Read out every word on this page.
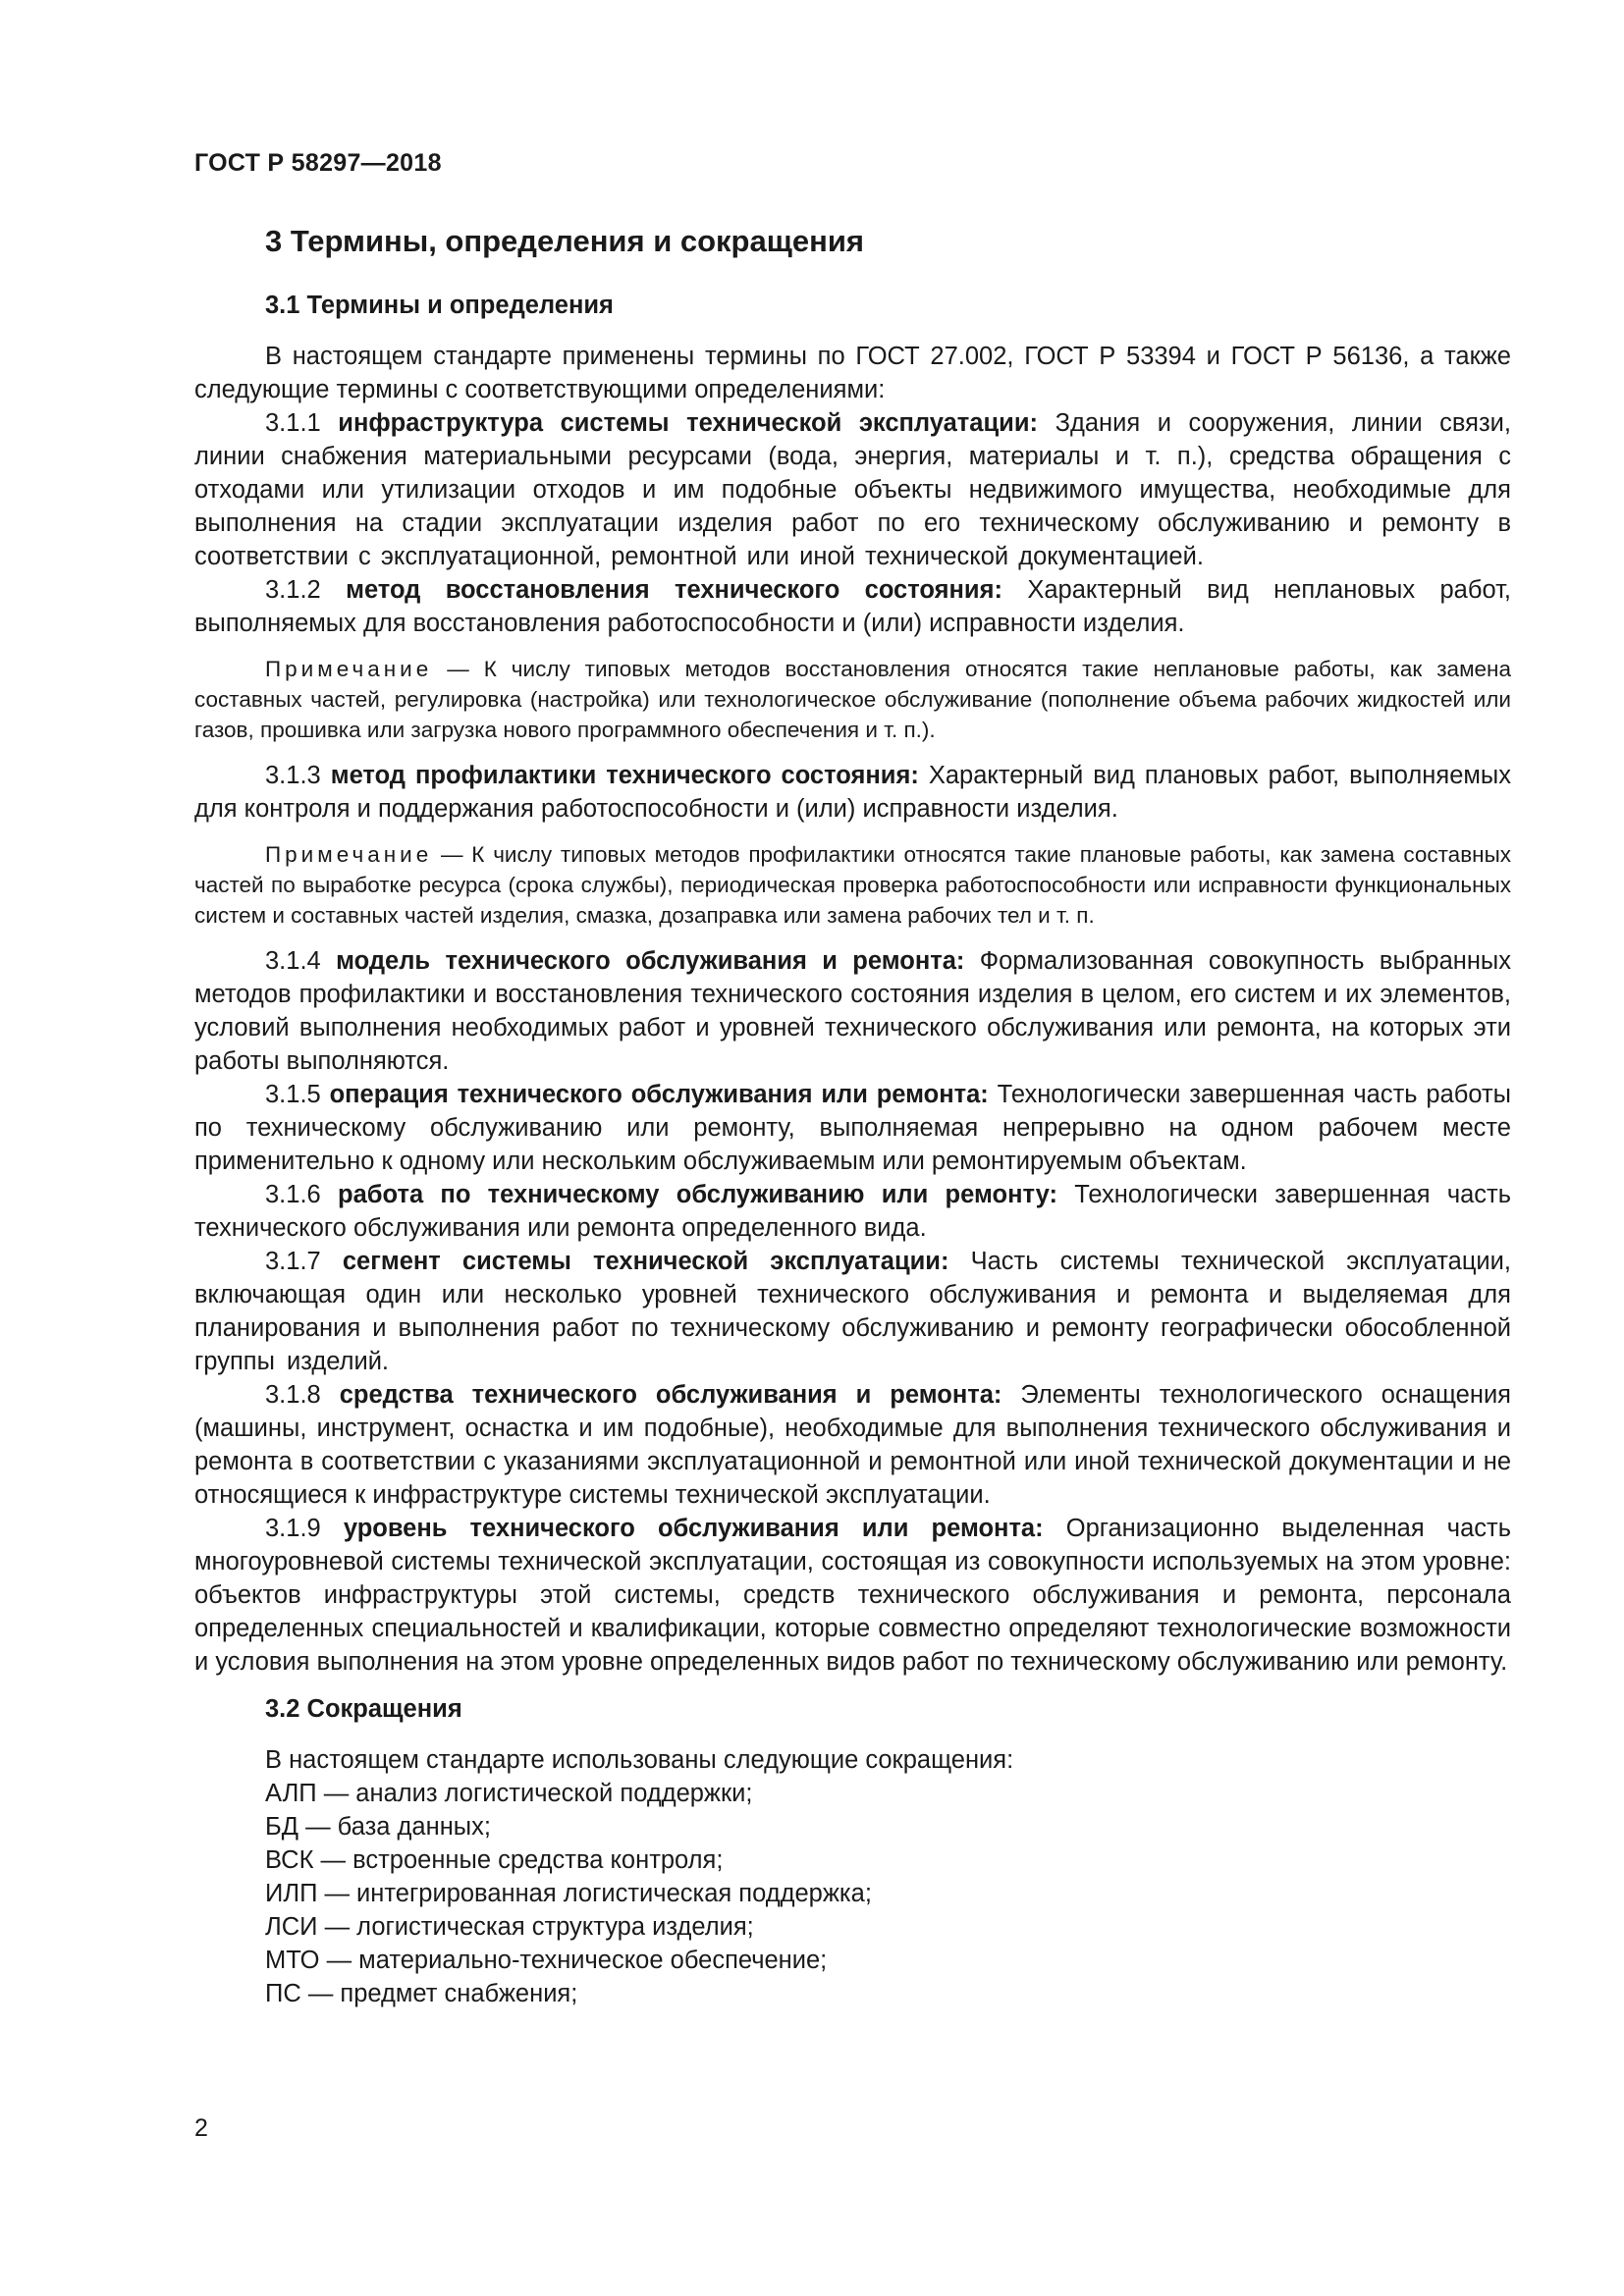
ГОСТ Р 58297—2018

3 Термины, определения и сокращения
3.1 Термины и определения

В настоящем стандарте применены термины по ГОСТ 27.002, ГОСТ Р 53394 и ГОСТ Р 56136, а также следующие термины с соответствующими определениями:

3.1.1 инфраструктура системы технической эксплуатации: Здания и сооружения, линии связи, линии снабжения материальными ресурсами (вода, энергия, материалы и т. п.), средства обращения с отходами или утилизации отходов и им подобные объекты недвижимого имущества, необходимые для выполнения на стадии эксплуатации изделия работ по его техническому обслуживанию и ремонту в соответствии с эксплуатационной, ремонтной или иной технической документацией.

3.1.2 метод восстановления технического состояния: Характерный вид неплановых работ, выполняемых для восстановления работоспособности и (или) исправности изделия.

Примечание — К числу типовых методов восстановления относятся такие неплановые работы, как замена составных частей, регулировка (настройка) или технологическое обслуживание (пополнение объема рабочих жидкостей или газов, прошивка или загрузка нового программного обеспечения и т. п.).

3.1.3 метод профилактики технического состояния: Характерный вид плановых работ, выполняемых для контроля и поддержания работоспособности и (или) исправности изделия.

Примечание — К числу типовых методов профилактики относятся такие плановые работы, как замена составных частей по выработке ресурса (срока службы), периодическая проверка работоспособности или исправности функциональных систем и составных частей изделия, смазка, дозаправка или замена рабочих тел и т. п.

3.1.4 модель технического обслуживания и ремонта: Формализованная совокупность выбранных методов профилактики и восстановления технического состояния изделия в целом, его систем и их элементов, условий выполнения необходимых работ и уровней технического обслуживания или ремонта, на которых эти работы выполняются.

3.1.5 операция технического обслуживания или ремонта: Технологически завершенная часть работы по техническому обслуживанию или ремонту, выполняемая непрерывно на одном рабочем месте применительно к одному или нескольким обслуживаемым или ремонтируемым объектам.

3.1.6 работа по техническому обслуживанию или ремонту: Технологически завершенная часть технического обслуживания или ремонта определенного вида.

3.1.7 сегмент системы технической эксплуатации: Часть системы технической эксплуатации, включающая один или несколько уровней технического обслуживания и ремонта и выделяемая для планирования и выполнения работ по техническому обслуживанию и ремонту географически обособленной группы изделий.

3.1.8 средства технического обслуживания и ремонта: Элементы технологического оснащения (машины, инструмент, оснастка и им подобные), необходимые для выполнения технического обслуживания и ремонта в соответствии с указаниями эксплуатационной и ремонтной или иной технической документации и не относящиеся к инфраструктуре системы технической эксплуатации.

3.1.9 уровень технического обслуживания или ремонта: Организационно выделенная часть многоуровневой системы технической эксплуатации, состоящая из совокупности используемых на этом уровне: объектов инфраструктуры этой системы, средств технического обслуживания и ремонта, персонала определенных специальностей и квалификации, которые совместно определяют технологические возможности и условия выполнения на этом уровне определенных видов работ по техническому обслуживанию или ремонту.

3.2 Сокращения

В настоящем стандарте использованы следующие сокращения:

АЛП — анализ логистической поддержки;
БД — база данных;
ВСК — встроенные средства контроля;
ИЛП — интегрированная логистическая поддержка;
ЛСИ — логистическая структура изделия;
МТО — материально-техническое обеспечение;
ПС — предмет снабжения;

2
